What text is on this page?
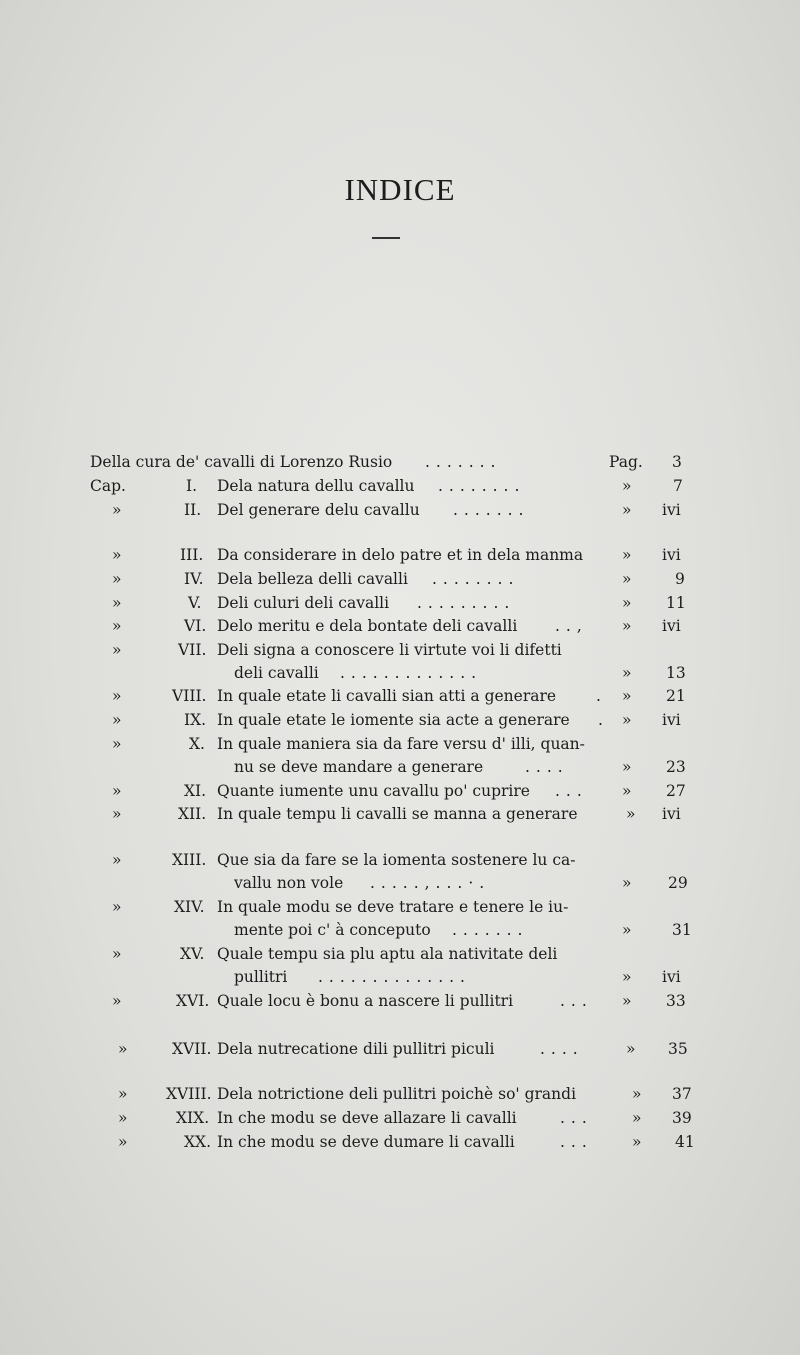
INDICE
Della cura de' cavalli di Lorenzo Rusio .......	Pag. 3
Cap.	I. Dela natura dellu cavallu ........	»	7
»	II. Del generare delu cavallu .......	» ivi
»	III. Da considerare in delo patre et in dela manma	» ivi
»	IV. Dela belleza delli cavalli ........	»	9
»	V. Deli culuri deli cavalli .........	» 11
»	VI. Delo meritu e dela bontate deli cavalli .., » ivi
»	VII. Deli signa a conoscere li virtute voi li difetti
deli cavalli .............	» 13
»	VIII. In quale etate li cavalli sian atti a generare	. » 21
»	IX. In quale etate le iomente sia acte a generare . » ivi
»	X. In quale maniera sia da fare versu d' illi, quan-
nu se deve mandare a generare	....	» 23
»	XI. Quante iumente unu cavallu po' cuprire ... » 27
»	XII. In quale tempu li cavalli se manna a generare	» ivi
»	XIII. Que sia da fare se la iomenta sostenere lu ca-
vallu non vole .....,...·.	» 29
»	XIV. In quale modu se deve tratare e tenere le iu-
mente poi c' à conceputo .......	»	31
»	XV. Quale tempu sia plu aptu ala nativitate deli
pullitri ..............	» ivi
»	XVI. Quale locu è bonu a nascere li pullitri	... » 33
»	XVII. Dela nutrecatione dili pullitri piculi	....	» 35
» XVIII. Dela notrictione deli pullitri poichè so' grandi	» 37
»	XIX. In che modu se deve allazare li cavalli	...	» 39
»	XX. In che modu se deve dumare li cavalli	...	» 41
